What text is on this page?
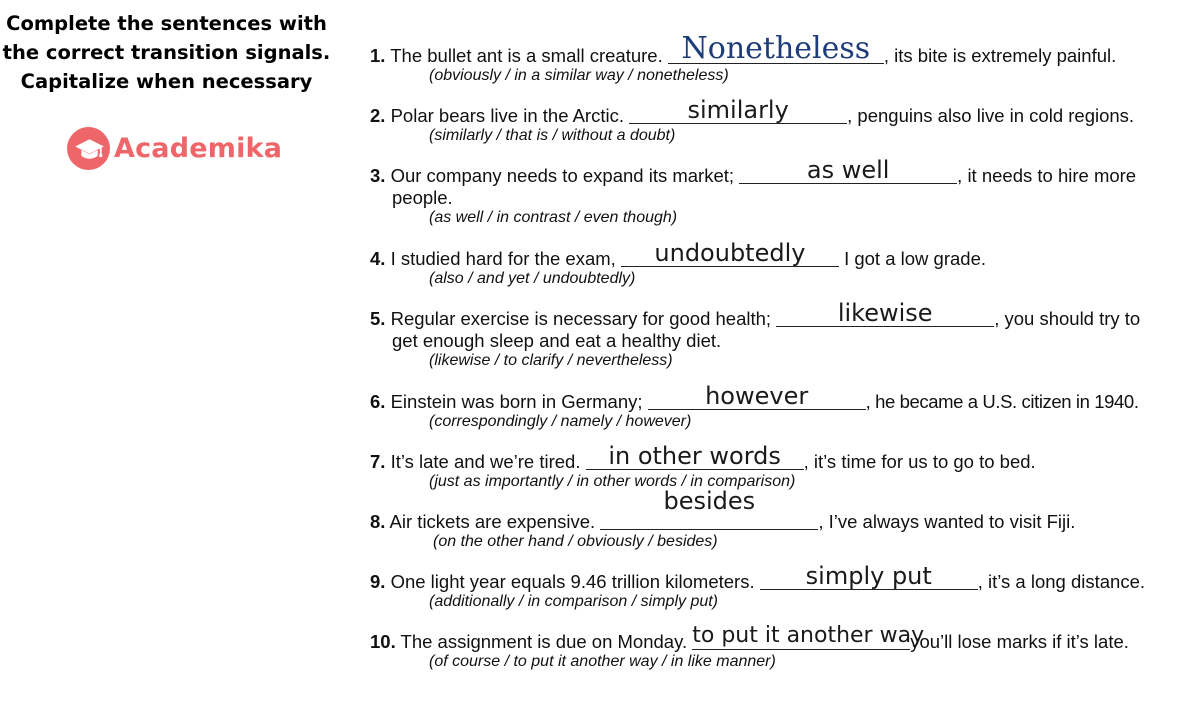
Complete the sentences with
the correct transition signals.
Capitalize when necessary
Academika
1. The bullet ant is a small creature. Nonetheless , its bite is extremely painful.
(obviously / in a similar way / nonetheless)
2. Polar bears live in the Arctic.	similarly	, penguins also live in cold regions.
(similarly / that is / without a doubt)
3. Our company needs to expand its market;	as well	, it needs to hire more
people.
(as well / in contrast / even though)
4. I studied hard for the exam,	undoubtedly	I got a low grade.
(also / and yet / undoubtedly)
5. Regular exercise is necessary for good health;	likewise	, you should try to
get enough sleep and eat a healthy diet.
(likewise / to clarify / nevertheless)
6. Einstein was born in Germany;	however	, he became a U.S. citizen in 1940.
(correspondingly / namely / however)
7. It’s late and we’re tired. in other words	, it’s time for us to go to bed.
(just as importantly / in other words / in comparison)
8. Air tickets are expensive.
besides
, I’ve always wanted to visit Fiji.
(on the other hand / obviously / besides)
9. One light year equals 9.46 trillion kilometers.	simply put	, it’s a long distance.
(additionally / in comparison / simply put)
10. The assignment is due on Monday. to put it another way
you’ll lose marks if it’s late.
(of course / to put it another way / in like manner)
